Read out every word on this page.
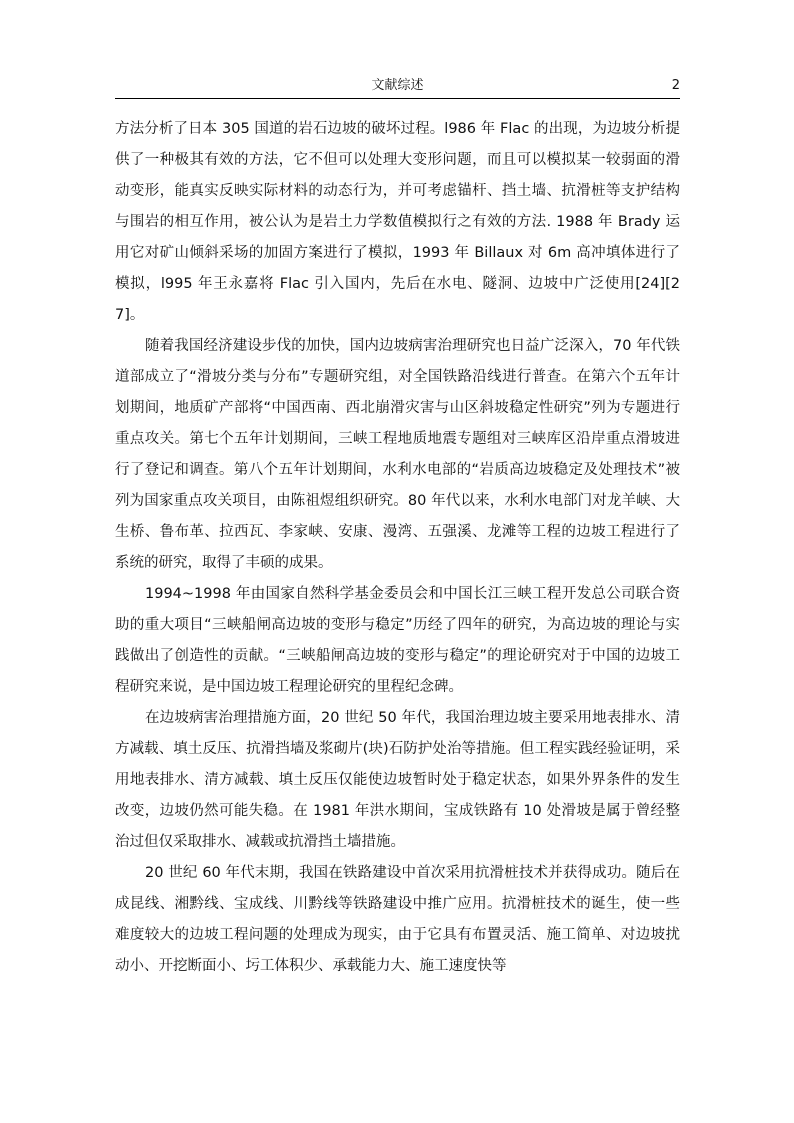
文献综述	2

方法分析了日本 305 国道的岩石边坡的破坏过程。l986 年 Flac 的出现，为边坡分析提供了一种极其有效的方法，它不但可以处理大变形问题，而且可以模拟某一较弱面的滑动变形，能真实反映实际材料的动态行为，并可考虑锚杆、挡土墙、抗滑桩等支护结构与围岩的相互作用，被公认为是岩土力学数值模拟行之有效的方法. 1988 年 Brady 运用它对矿山倾斜采场的加固方案进行了模拟，1993 年 Billaux 对 6m 高冲填体进行了模拟，l995 年王永嘉将 Flac 引入国内，先后在水电、隧洞、边坡中广泛使用[24][27]。

随着我国经济建设步伐的加快，国内边坡病害治理研究也日益广泛深入，70 年代铁道部成立了“滑坡分类与分布”专题研究组，对全国铁路沿线进行普查。在第六个五年计划期间，地质矿产部将“中国西南、西北崩滑灾害与山区斜坡稳定性研究”列为专题进行重点攻关。第七个五年计划期间，三峡工程地质地震专题组对三峡库区沿岸重点滑坡进行了登记和调查。第八个五年计划期间，水利水电部的“岩质高边坡稳定及处理技术”被列为国家重点攻关项目，由陈祖煜组织研究。80 年代以来，水利水电部门对龙羊峡、大生桥、鲁布革、拉西瓦、李家峡、安康、漫湾、五强溪、龙滩等工程的边坡工程进行了系统的研究，取得了丰硕的成果。

1994~1998 年由国家自然科学基金委员会和中国长江三峡工程开发总公司联合资助的重大项目“三峡船闸高边坡的变形与稳定”历经了四年的研究，为高边坡的理论与实践做出了创造性的贡献。“三峡船闸高边坡的变形与稳定”的理论研究对于中国的边坡工程研究来说，是中国边坡工程理论研究的里程纪念碑。

在边坡病害治理措施方面，20 世纪 50 年代，我国治理边坡主要采用地表排水、清方减载、填土反压、抗滑挡墙及浆砌片(块)石防护处治等措施。但工程实践经验证明，采用地表排水、清方减载、填土反压仅能使边坡暂时处于稳定状态，如果外界条件的发生改变，边坡仍然可能失稳。在 1981 年洪水期间，宝成铁路有 10 处滑坡是属于曾经整治过但仅采取排水、减载或抗滑挡土墙措施。

20 世纪 60 年代末期，我国在铁路建设中首次采用抗滑桩技术并获得成功。随后在成昆线、湘黔线、宝成线、川黔线等铁路建设中推广应用。抗滑桩技术的诞生，使一些难度较大的边坡工程问题的处理成为现实，由于它具有布置灵活、施工简单、对边坡扰动小、开挖断面小、圬工体积少、承载能力大、施工速度快等
